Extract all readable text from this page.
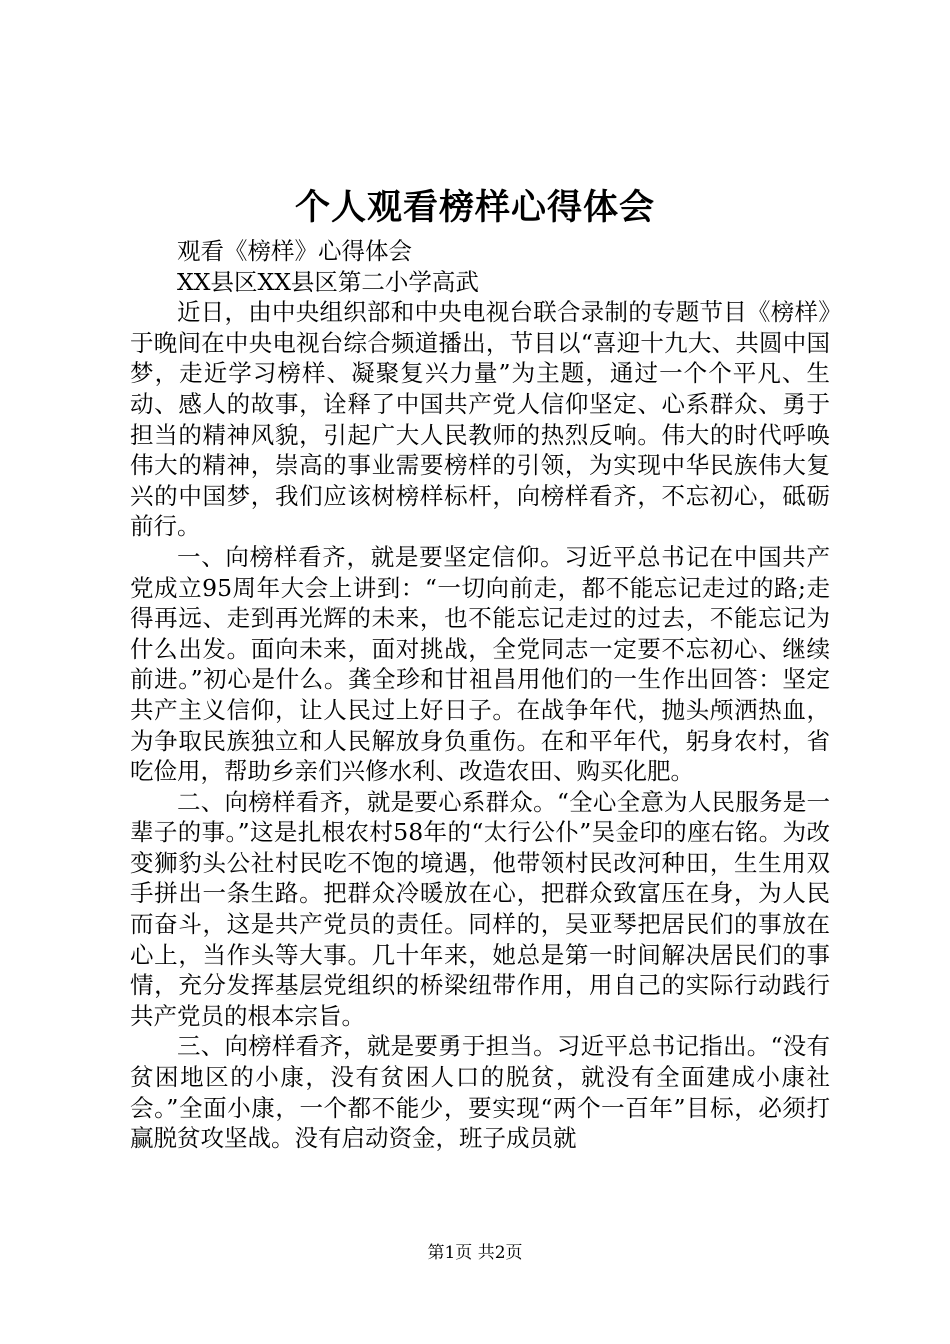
个人观看榜样心得体会

观看《榜样》心得体会

XX县区XX县区第二小学高武

近日，由中央组织部和中央电视台联合录制的专题节目《榜样》于晚间在中央电视台综合频道播出，节目以“喜迎十九大、共圆中国梦，走近学习榜样、凝聚复兴力量”为主题，通过一个个平凡、生动、感人的故事，诠释了中国共产党人信仰坚定、心系群众、勇于担当的精神风貌，引起广大人民教师的热烈反响。伟大的时代呼唤伟大的精神，崇高的事业需要榜样的引领，为实现中华民族伟大复兴的中国梦，我们应该树榜样标杆，向榜样看齐，不忘初心，砥砺前行。

一、向榜样看齐，就是要坚定信仰。习近平总书记在中国共产党成立95周年大会上讲到：“一切向前走，都不能忘记走过的路;走得再远、走到再光辉的未来，也不能忘记走过的过去，不能忘记为什么出发。面向未来，面对挑战，全党同志一定要不忘初心、继续前进。”初心是什么。龚全珍和甘祖昌用他们的一生作出回答：坚定共产主义信仰，让人民过上好日子。在战争年代，抛头颅洒热血，为争取民族独立和人民解放身负重伤。在和平年代，躬身农村，省吃俭用，帮助乡亲们兴修水利、改造农田、购买化肥。

二、向榜样看齐，就是要心系群众。“全心全意为人民服务是一辈子的事。”这是扎根农村58年的“太行公仆”吴金印的座右铭。为改变狮豹头公社村民吃不饱的境遇，他带领村民改河种田，生生用双手拼出一条生路。把群众冷暖放在心，把群众致富压在身，为人民而奋斗，这是共产党员的责任。同样的，吴亚琴把居民们的事放在心上，当作头等大事。几十年来，她总是第一时间解决居民们的事情，充分发挥基层党组织的桥梁纽带作用，用自己的实际行动践行共产党员的根本宗旨。

三、向榜样看齐，就是要勇于担当。习近平总书记指出。“没有贫困地区的小康，没有贫困人口的脱贫，就没有全面建成小康社会。”全面小康，一个都不能少，要实现“两个一百年”目标，必须打赢脱贫攻坚战。没有启动资金，班子成员就

第1页 共2页
